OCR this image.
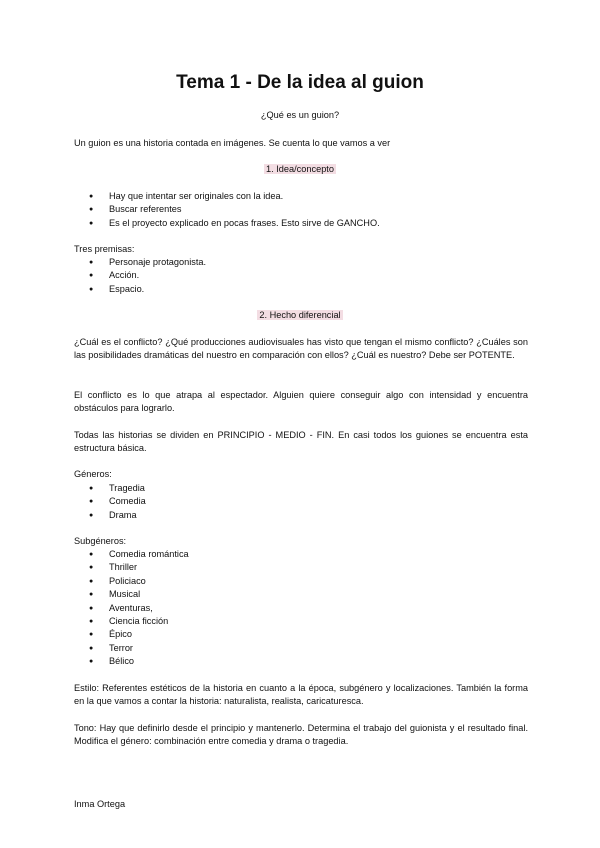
Tema 1 - De la idea al guion
¿Qué es un guion?
Un guion es una historia contada en imágenes. Se cuenta lo que vamos a ver
1. Idea/concepto
● Hay que intentar ser originales con la idea.
● Buscar referentes
● Es el proyecto explicado en pocas frases. Esto sirve de GANCHO.
Tres premisas:
● Personaje protagonista.
● Acción.
● Espacio.
2. Hecho diferencial
¿Cuál es el conflicto? ¿Qué producciones audiovisuales has visto que tengan el mismo conflicto? ¿Cuáles son las posibilidades dramáticas del nuestro en comparación con ellos? ¿Cuál es nuestro? Debe ser POTENTE.
El conflicto es lo que atrapa al espectador. Alguien quiere conseguir algo con intensidad y encuentra obstáculos para lograrlo.
Todas las historias se dividen en PRINCIPIO - MEDIO - FIN. En casi todos los guiones se encuentra esta estructura básica.
Géneros:
● Tragedia
● Comedia
● Drama
Subgéneros:
● Comedia romántica
● Thriller
● Policiaco
● Musical
● Aventuras,
● Ciencia ficción
● Épico
● Terror
● Bélico
Estilo: Referentes estéticos de la historia en cuanto a la época, subgénero y localizaciones. También la forma en la que vamos a contar la historia: naturalista, realista, caricaturesca.
Tono: Hay que definirlo desde el principio y mantenerlo. Determina el trabajo del guionista y el resultado final. Modifica el género: combinación entre comedia y drama o tragedia.
Inma Ortega
